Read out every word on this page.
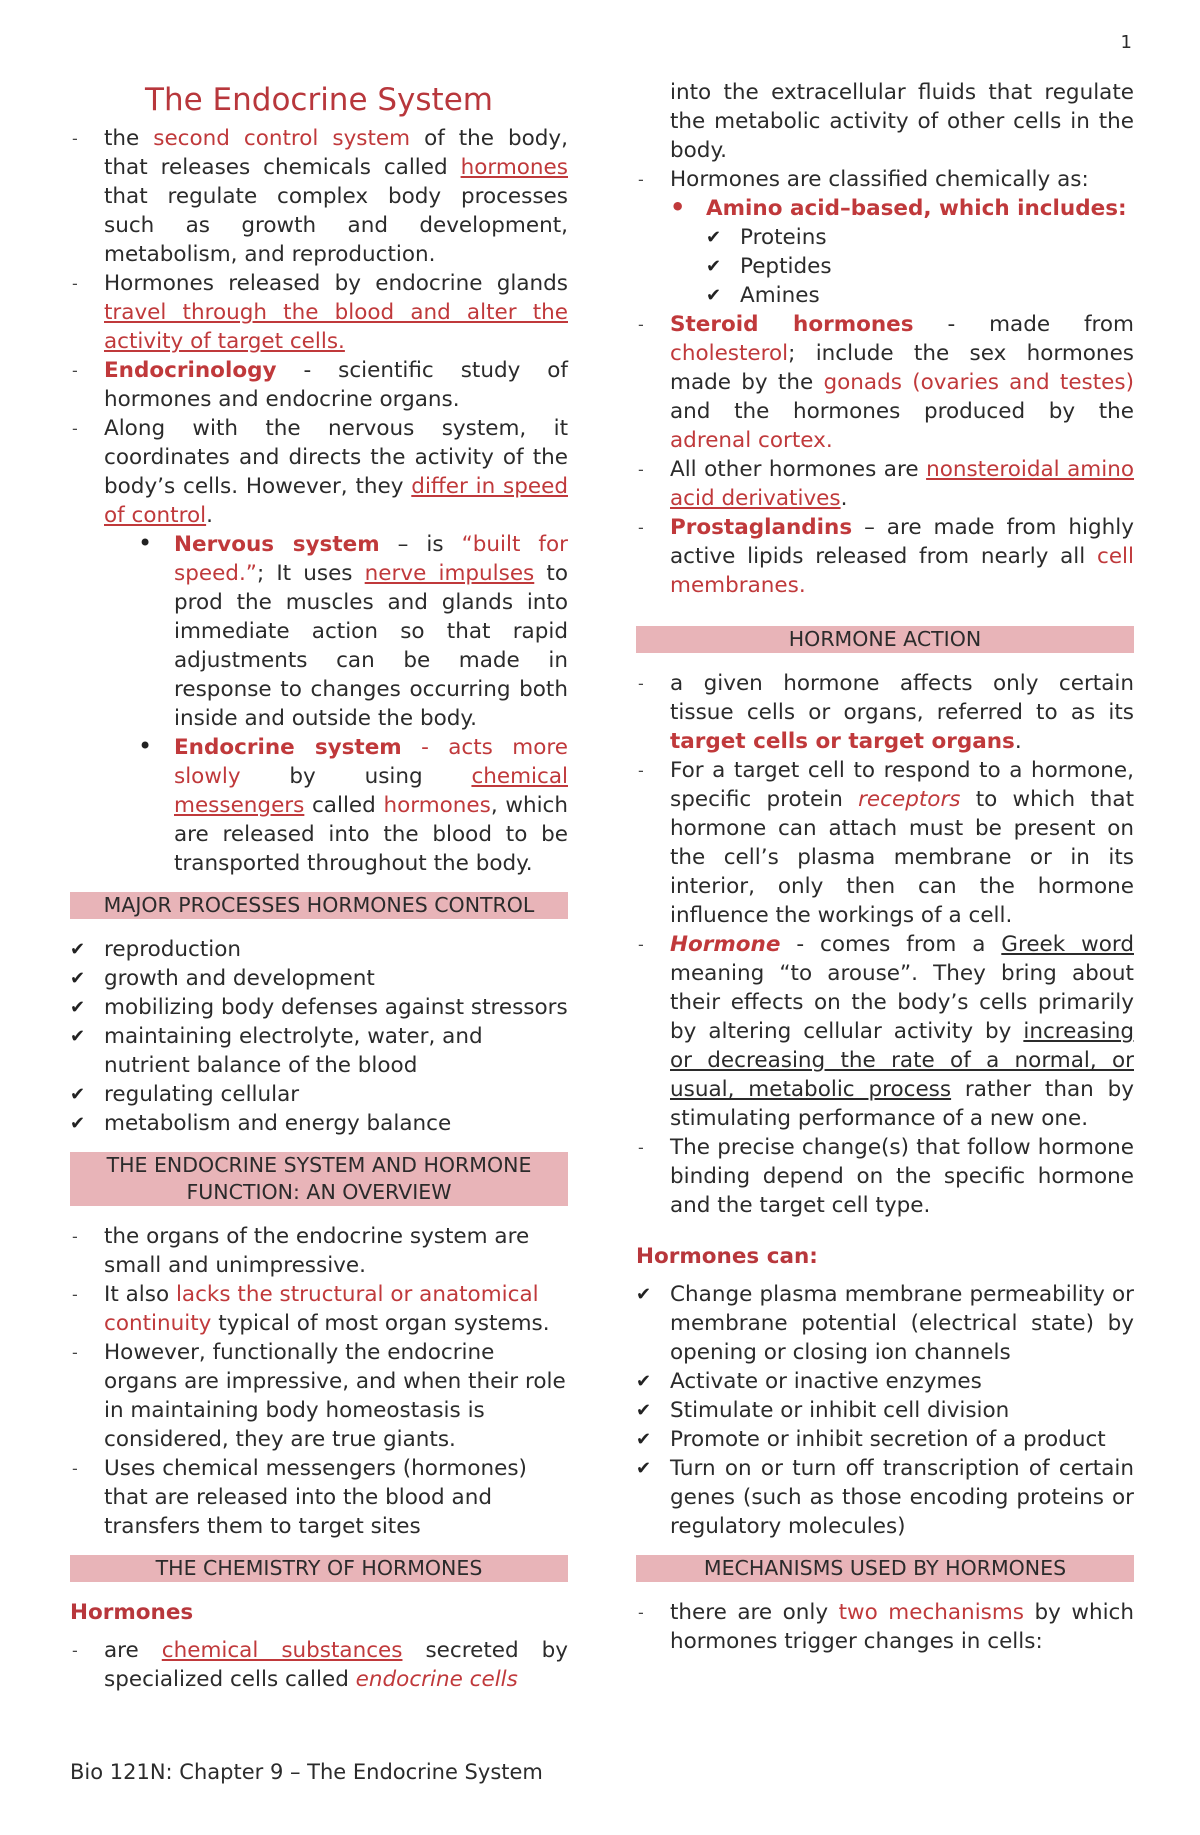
1
The Endocrine System
- the second control system of the body, that releases chemicals called hormones that regulate complex body processes such as growth and development, metabolism, and reproduction.
- Hormones released by endocrine glands travel through the blood and alter the activity of target cells.
- Endocrinology - scientific study of hormones and endocrine organs.
- Along with the nervous system, it coordinates and directs the activity of the body’s cells. However, they differ in speed of control.
• Nervous system – is “built for speed.”; It uses nerve impulses to prod the muscles and glands into immediate action so that rapid adjustments can be made in response to changes occurring both inside and outside the body.
• Endocrine system - acts more slowly by using chemical messengers called hormones, which are released into the blood to be transported throughout the body.
MAJOR PROCESSES HORMONES CONTROL
✔ reproduction
✔ growth and development
✔ mobilizing body defenses against stressors
✔ maintaining electrolyte, water, and nutrient balance of the blood
✔ regulating cellular
✔ metabolism and energy balance
THE ENDOCRINE SYSTEM AND HORMONE FUNCTION: AN OVERVIEW
- the organs of the endocrine system are small and unimpressive.
- It also lacks the structural or anatomical continuity typical of most organ systems.
- However, functionally the endocrine organs are impressive, and when their role in maintaining body homeostasis is considered, they are true giants.
- Uses chemical messengers (hormones) that are released into the blood and transfers them to target sites
THE CHEMISTRY OF HORMONES
Hormones
- are chemical substances secreted by specialized cells called endocrine cells

into the extracellular fluids that regulate the metabolic activity of other cells in the body.

- Hormones are classified chemically as:
• Amino acid–based, which includes:
✔ Proteins
✔ Peptides
✔ Amines
- Steroid hormones - made from cholesterol; include the sex hormones made by the gonads (ovaries and testes) and the hormones produced by the adrenal cortex.
- All other hormones are nonsteroidal amino acid derivatives.
- Prostaglandins – are made from highly active lipids released from nearly all cell membranes.
HORMONE ACTION
- a given hormone affects only certain tissue cells or organs, referred to as its target cells or target organs.
- For a target cell to respond to a hormone, specific protein receptors to which that hormone can attach must be present on the cell’s plasma membrane or in its interior, only then can the hormone influence the workings of a cell.
- Hormone - comes from a Greek word meaning “to arouse”. They bring about their effects on the body’s cells primarily by altering cellular activity by increasing or decreasing the rate of a normal, or usual, metabolic process rather than by stimulating performance of a new one.
- The precise change(s) that follow hormone binding depend on the specific hormone and the target cell type.
Hormones can:
✔ Change plasma membrane permeability or membrane potential (electrical state) by opening or closing ion channels
✔ Activate or inactive enzymes
✔ Stimulate or inhibit cell division
✔ Promote or inhibit secretion of a product
✔ Turn on or turn off transcription of certain genes (such as those encoding proteins or regulatory molecules)
MECHANISMS USED BY HORMONES
- there are only two mechanisms by which hormones trigger changes in cells:
Bio 121N: Chapter 9 – The Endocrine System
